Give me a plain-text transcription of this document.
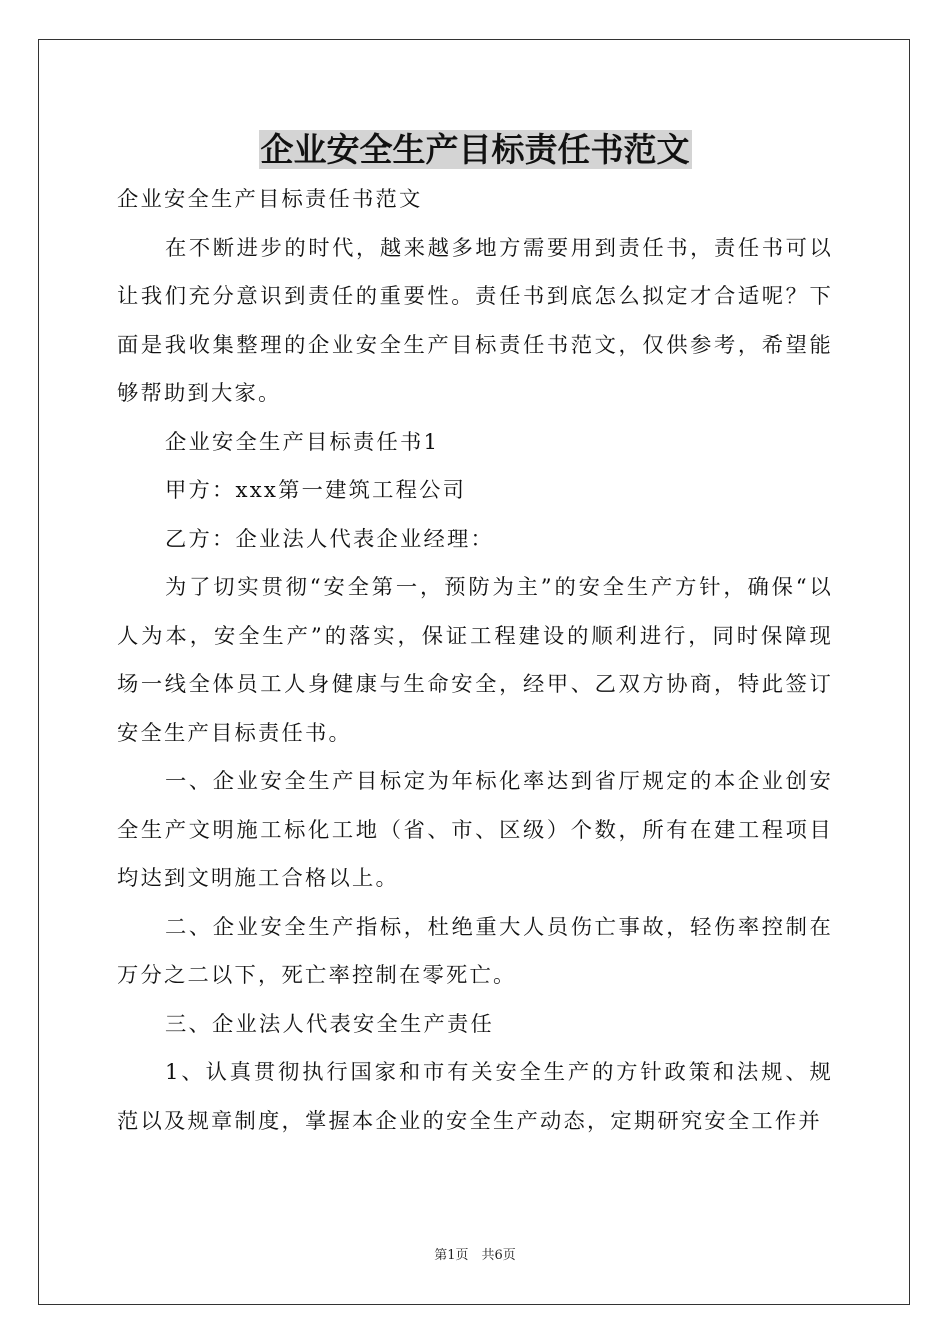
企业安全生产目标责任书范文

企业安全生产目标责任书范文

在不断进步的时代，越来越多地方需要用到责任书，责任书可以让我们充分意识到责任的重要性。责任书到底怎么拟定才合适呢？下面是我收集整理的企业安全生产目标责任书范文，仅供参考，希望能够帮助到大家。

企业安全生产目标责任书1

甲方：xxx第一建筑工程公司

乙方：企业法人代表企业经理：

为了切实贯彻“安全第一，预防为主”的安全生产方针，确保“以人为本，安全生产”的落实，保证工程建设的顺利进行，同时保障现场一线全体员工人身健康与生命安全，经甲、乙双方协商，特此签订安全生产目标责任书。

一、企业安全生产目标定为年标化率达到省厅规定的本企业创安全生产文明施工标化工地（省、市、区级）个数，所有在建工程项目均达到文明施工合格以上。

二、企业安全生产指标，杜绝重大人员伤亡事故，轻伤率控制在万分之二以下，死亡率控制在零死亡。

三、企业法人代表安全生产责任

1、认真贯彻执行国家和市有关安全生产的方针政策和法规、规范以及规章制度，掌握本企业的安全生产动态，定期研究安全工作并

第1页　共6页
